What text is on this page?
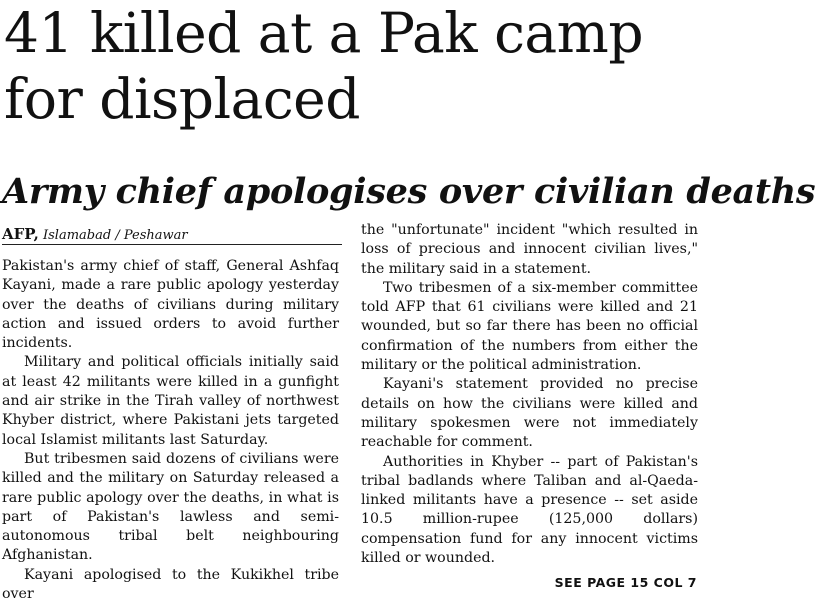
41 killed at a Pak camp for displaced
Army chief apologises over civilian deaths
AFP, Islamabad / Peshawar

Pakistan's army chief of staff, General Ashfaq Kayani, made a rare public apology yesterday over the deaths of civilians during military action and issued orders to avoid further incidents.

Military and political officials initially said at least 42 militants were killed in a gunfight and air strike in the Tirah valley of northwest Khyber district, where Pakistani jets targeted local Islamist militants last Saturday.

But tribesmen said dozens of civilians were killed and the military on Saturday released a rare public apology over the deaths, in what is part of Pakistan's lawless and semi-autonomous tribal belt neighbouring Afghanistan.

Kayani apologised to the Kukikhel tribe over

the "unfortunate" incident "which resulted in loss of precious and innocent civilian lives," the military said in a statement.

Two tribesmen of a six-member committee told AFP that 61 civilians were killed and 21 wounded, but so far there has been no official confirmation of the numbers from either the military or the political administration.

Kayani's statement provided no precise details on how the civilians were killed and military spokesmen were not immediately reachable for comment.

Authorities in Khyber -- part of Pakistan's tribal badlands where Taliban and al-Qaeda-linked militants have a presence -- set aside 10.5 million-rupee (125,000 dollars) compensation fund for any innocent victims killed or wounded.

SEE PAGE 15 COL 7
